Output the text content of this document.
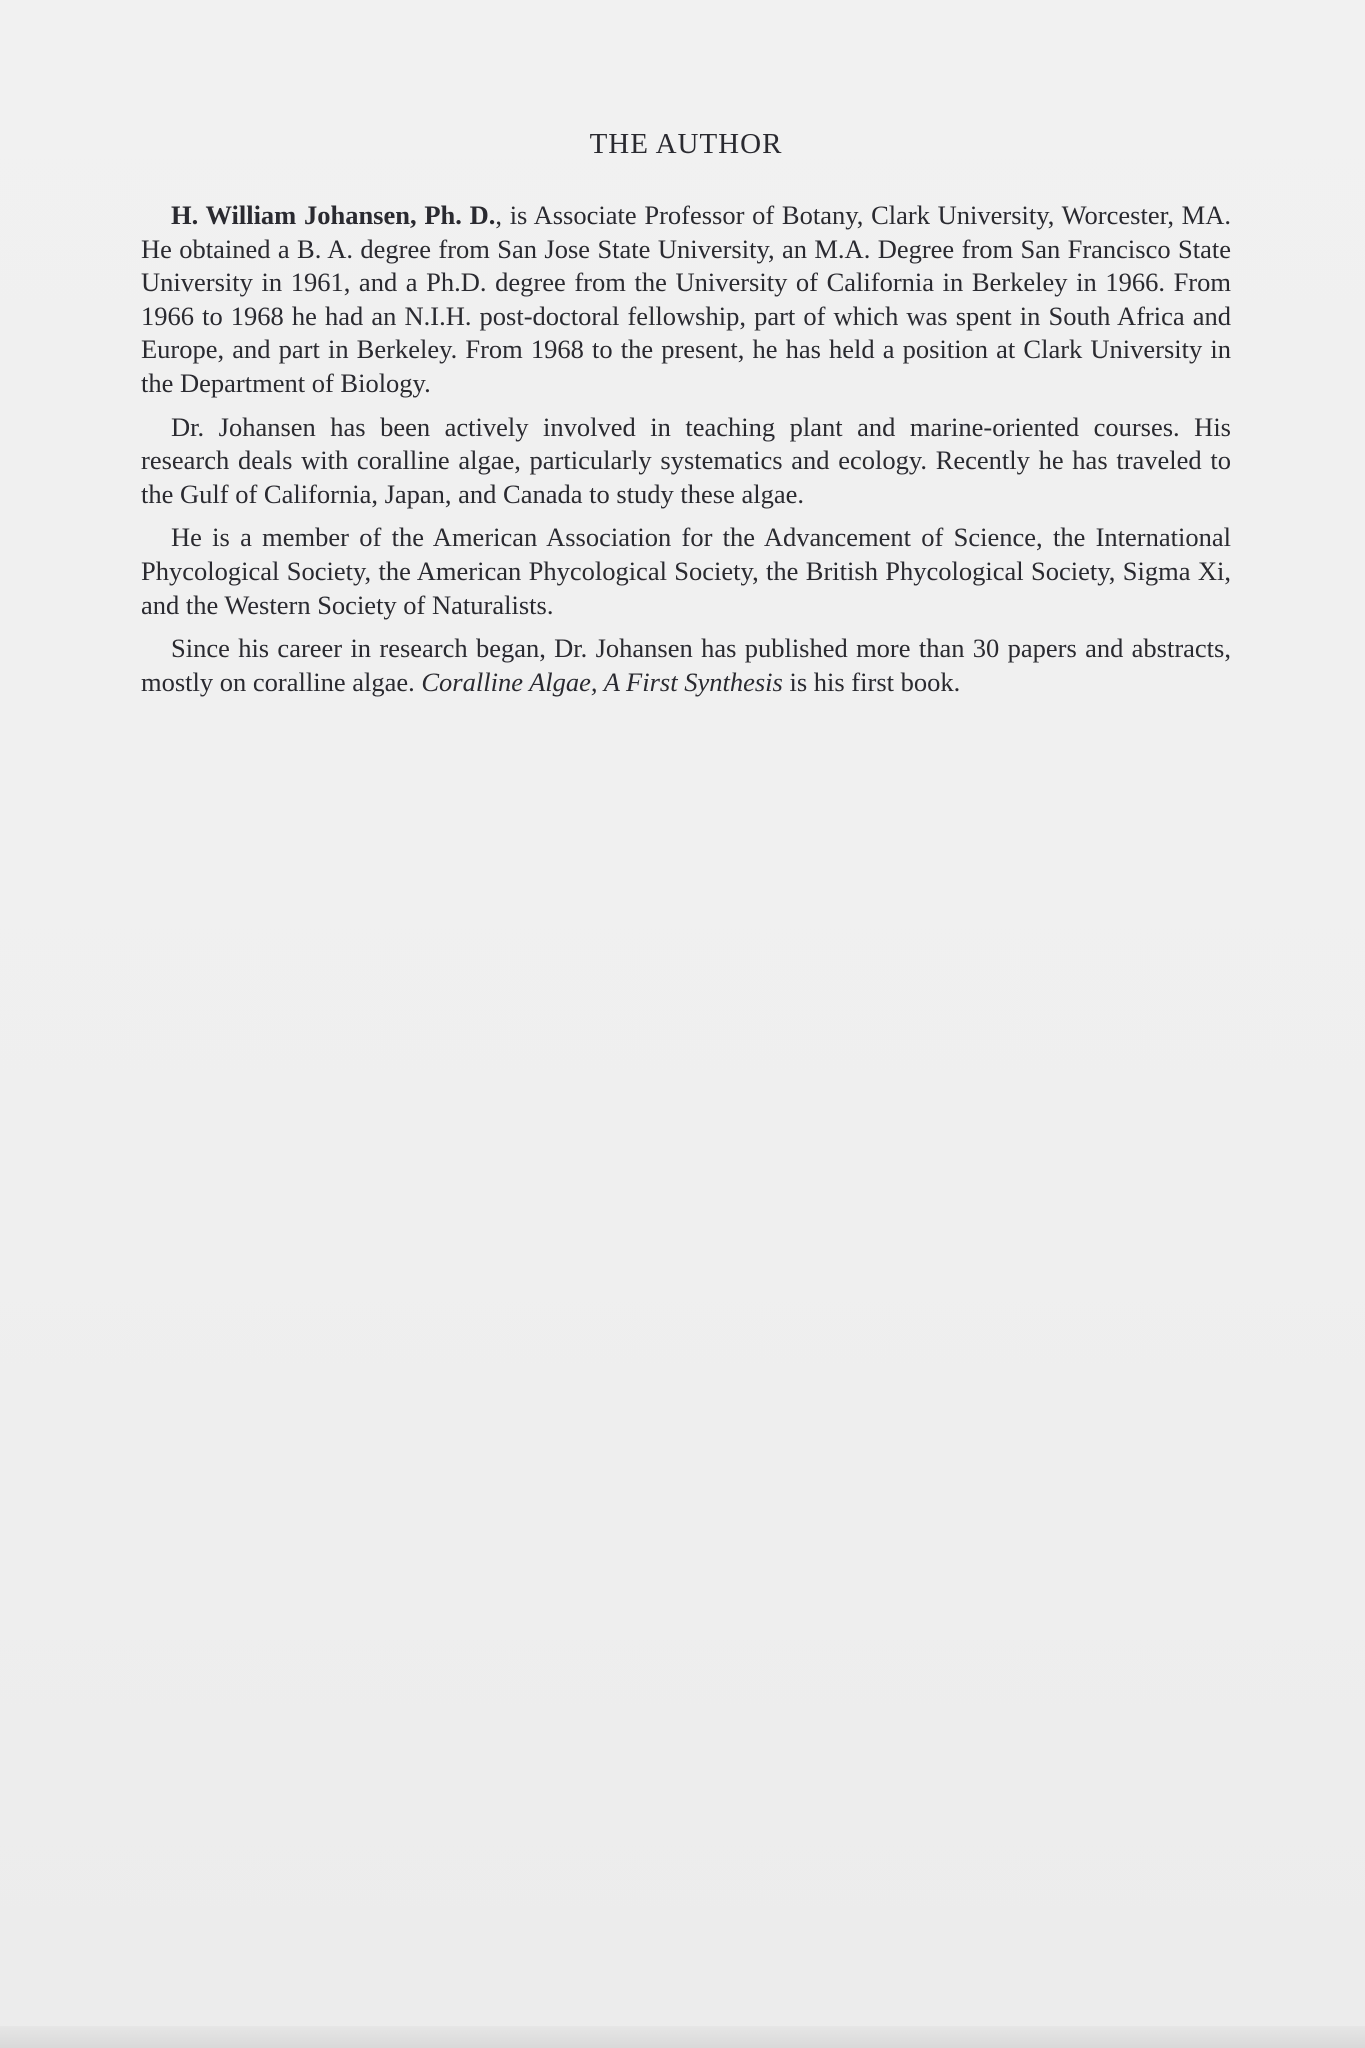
THE AUTHOR

H. William Johansen, Ph. D., is Associate Professor of Botany, Clark University, Worcester, MA. He obtained a B. A. degree from San Jose State University, an M.A. Degree from San Francisco State University in 1961, and a Ph.D. degree from the University of California in Berkeley in 1966. From 1966 to 1968 he had an N.I.H. post-doctoral fellowship, part of which was spent in South Africa and Europe, and part in Berkeley. From 1968 to the present, he has held a position at Clark University in the Department of Biology.

Dr. Johansen has been actively involved in teaching plant and marine-oriented courses. His research deals with coralline algae, particularly systematics and ecology. Recently he has traveled to the Gulf of California, Japan, and Canada to study these algae.

He is a member of the American Association for the Advancement of Science, the International Phycological Society, the American Phycological Society, the British Phycological Society, Sigma Xi, and the Western Society of Naturalists.

Since his career in research began, Dr. Johansen has published more than 30 papers and abstracts, mostly on coralline algae. Coralline Algae, A First Synthesis is his first book.
